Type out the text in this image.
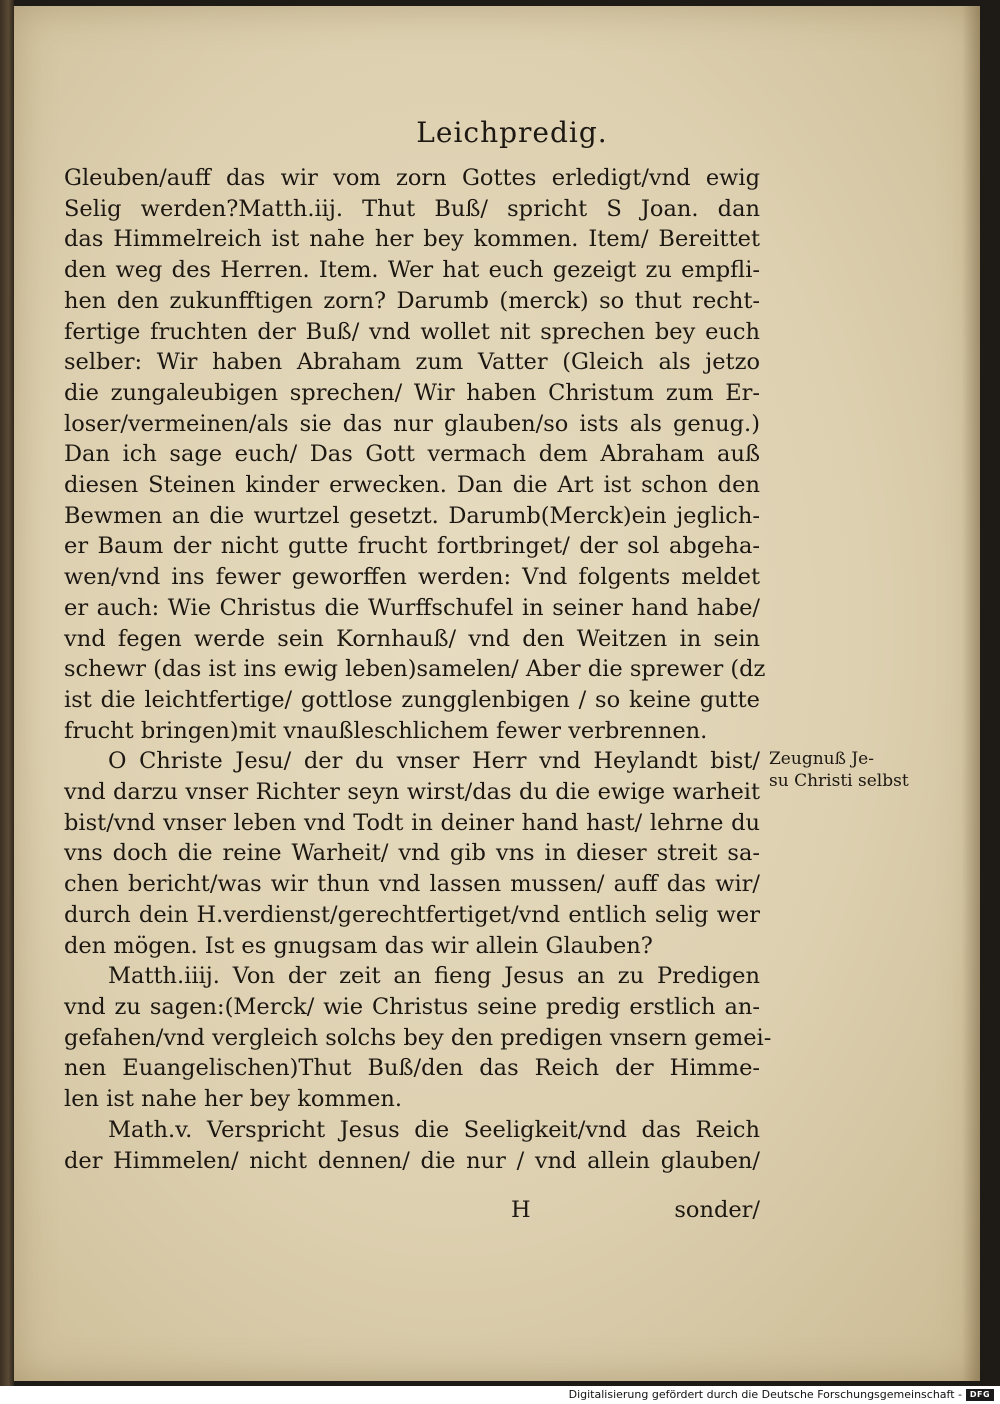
Leichpredig.
Gleuben/auff das wir vom zorn Gottes erledigt/vnd ewig
Selig werden?Matth.iij. Thut Buß/ spricht S Joan. dan
das Himmelreich ist nahe her bey kommen. Item/ Bereittet
den weg des Herren. Item. Wer hat euch gezeigt zu empfli-
hen den zukunfftigen zorn? Darumb (merck) so thut recht-
fertige fruchten der Buß/ vnd wollet nit sprechen bey euch
selber: Wir haben Abraham zum Vatter (Gleich als jetzo
die zungaleubigen sprechen/ Wir haben Christum zum Er-
loser/vermeinen/als sie das nur glauben/so ists als genug.)
Dan ich sage euch/ Das Gott vermach dem Abraham auß
diesen Steinen kinder erwecken. Dan die Art ist schon den
Bewmen an die wurtzel gesetzt. Darumb(Merck)ein jeglich-
er Baum der nicht gutte frucht fortbringet/ der sol abgeha-
wen/vnd ins fewer geworffen werden: Vnd folgents meldet
er auch: Wie Christus die Wurffschufel in seiner hand habe/
vnd fegen werde sein Kornhauß/ vnd den Weitzen in sein
schewr (das ist ins ewig leben)samelen/ Aber die sprewer (dz
ist die leichtfertige/ gottlose zungglenbigen / so keine gutte
frucht bringen)mit vnaußleschlichem fewer verbrennen.
O Christe Jesu/ der du vnser Herr vnd Heylandt bist/
vnd darzu vnser Richter seyn wirst/das du die ewige warheit
bist/vnd vnser leben vnd Todt in deiner hand hast/ lehrne du
vns doch die reine Warheit/ vnd gib vns in dieser streit sa-
chen bericht/was wir thun vnd lassen mussen/ auff das wir/
durch dein H.verdienst/gerechtfertiget/vnd entlich selig wer
den mögen. Ist es gnugsam das wir allein Glauben?
Matth.iiij. Von der zeit an fieng Jesus an zu Predigen
vnd zu sagen:(Merck/ wie Christus seine predig erstlich an-
gefahen/vnd vergleich solchs bey den predigen vnsern gemei-
nen Euangelischen)Thut Buß/den das Reich der Himme-
len ist nahe her bey kommen.
Math.v. Verspricht Jesus die Seeligkeit/vnd das Reich
der Himmelen/ nicht dennen/ die nur / vnd allein glauben/
Zeugnuß Je-
su Christi selbst
H	sonder/
Digitalisierung gefördert durch die Deutsche Forschungsgemeinschaft - DFG
